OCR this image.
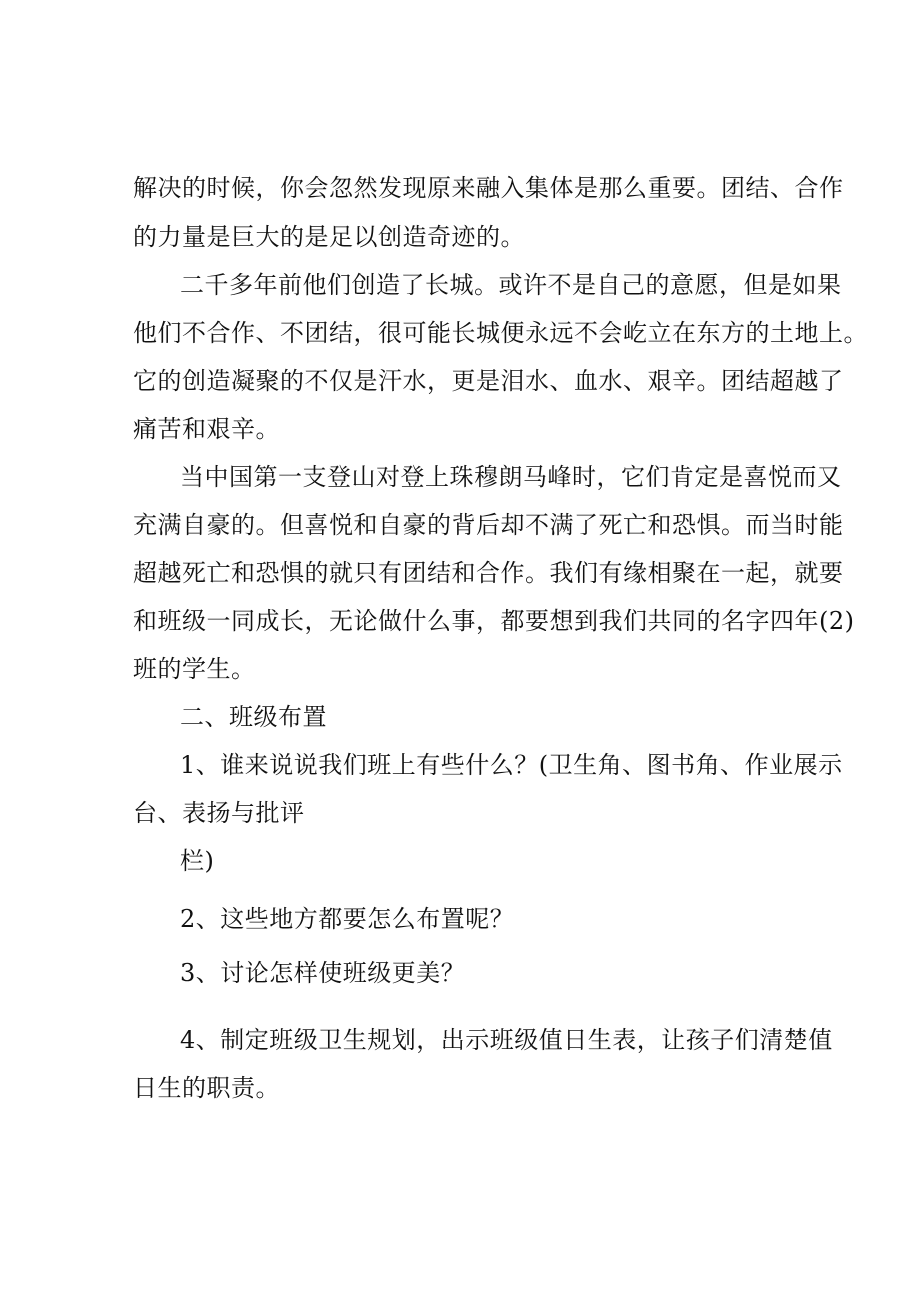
解决的时候，你会忽然发现原来融入集体是那么重要。团结、合作
的力量是巨大的是足以创造奇迹的。
二千多年前他们创造了长城。或许不是自己的意愿，但是如果
他们不合作、不团结，很可能长城便永远不会屹立在东方的土地上。
它的创造凝聚的不仅是汗水，更是泪水、血水、艰辛。团结超越了
痛苦和艰辛。
当中国第一支登山对登上珠穆朗马峰时，它们肯定是喜悦而又
充满自豪的。但喜悦和自豪的背后却不满了死亡和恐惧。而当时能
超越死亡和恐惧的就只有团结和合作。我们有缘相聚在一起，就要
和班级一同成长，无论做什么事，都要想到我们共同的名字四年(2)
班的学生。
二、班级布置
1、谁来说说我们班上有些什么？(卫生角、图书角、作业展示
台、表扬与批评
栏)
2、这些地方都要怎么布置呢？
3、讨论怎样使班级更美？
4、制定班级卫生规划，出示班级值日生表，让孩子们清楚值
日生的职责。
